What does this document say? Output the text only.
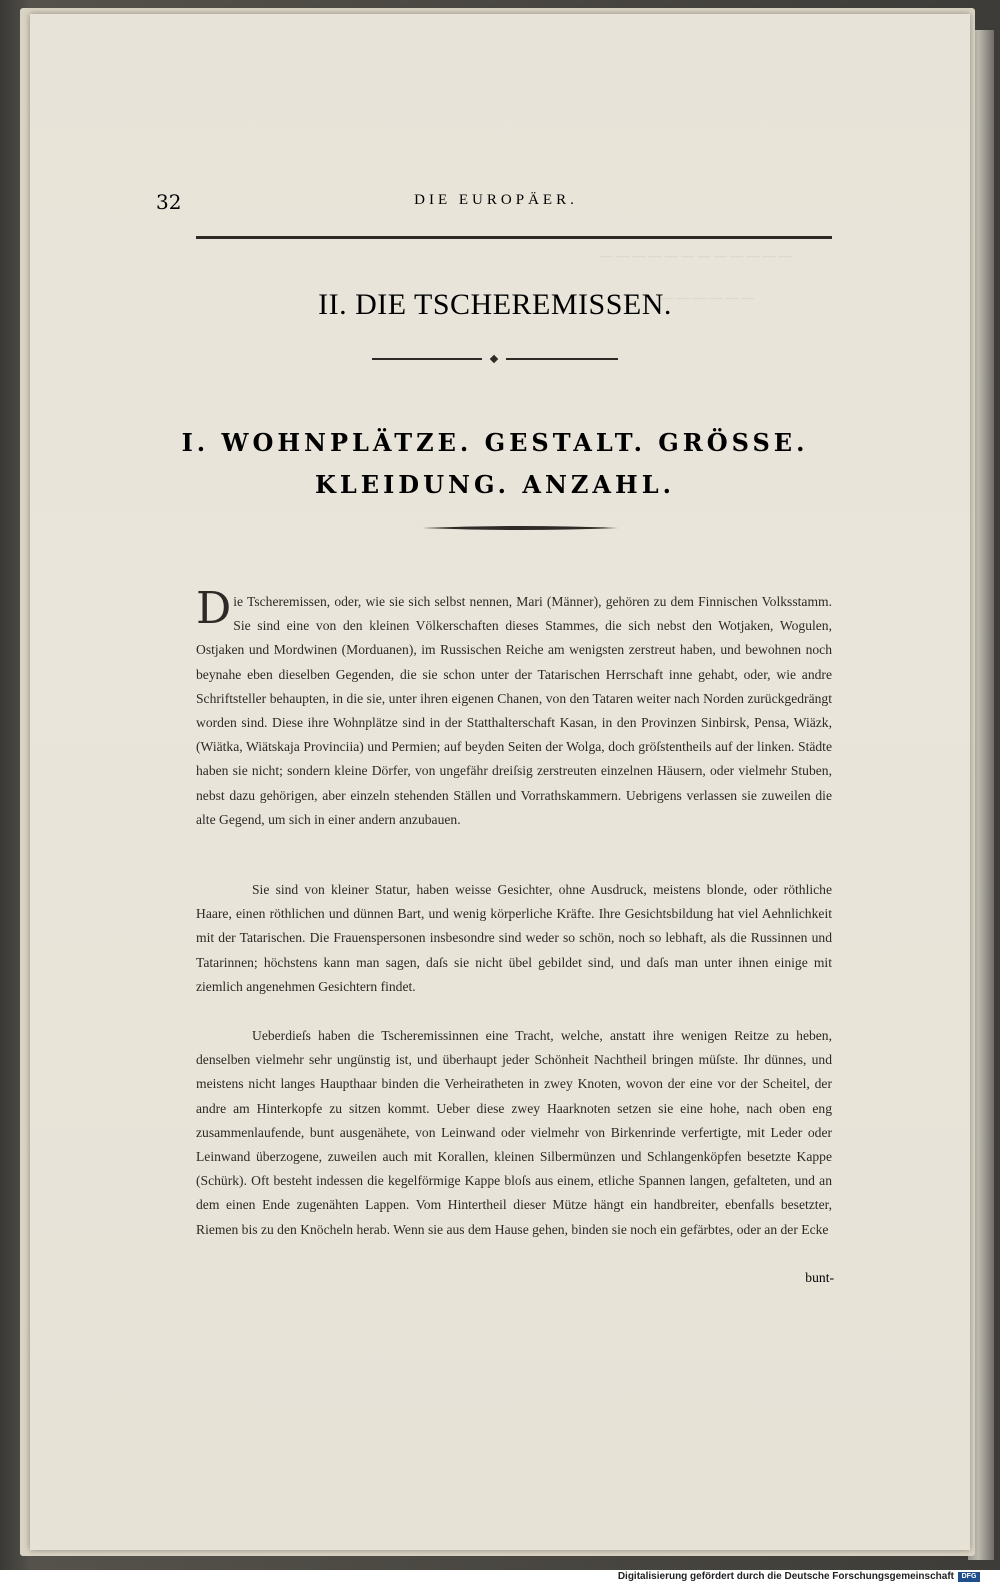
32	DIE EUROPÄER.
II. DIE TSCHEREMISSEN.
I. WOHNPLÄTZE. GESTALT. GRÖSSE.
KLEIDUNG. ANZAHL.
Die Tscheremissen, oder, wie sie sich selbst nennen, Mari (Männer), gehören zu dem Finnischen Volksstamm. Sie sind eine von den kleinen Völkerschaften dieses Stammes, die sich nebst den Wotjaken, Wogulen, Ostjaken und Mordwinen (Morduanen), im Russischen Reiche am wenigsten zerstreut haben, und bewohnen noch beynahe eben dieselben Gegenden, die sie schon unter der Tatarischen Herrschaft inne gehabt, oder, wie andre Schriftsteller behaupten, in die sie, unter ihren eigenen Chanen, von den Tataren weiter nach Norden zurückgedrängt worden sind. Diese ihre Wohnplätze sind in der Statthalterschaft Kasan, in den Provinzen Sinbirsk, Pensa, Wiäzk, (Wiätka, Wiätskaja Provinciia) und Permien; auf beyden Seiten der Wolga, doch gröſstentheils auf der linken. Städte haben sie nicht; sondern kleine Dörfer, von ungefähr dreiſsig zerstreuten einzelnen Häusern, oder vielmehr Stuben, nebst dazu gehörigen, aber einzeln stehenden Ställen und Vorrathskammern. Uebrigens verlassen sie zuweilen die alte Gegend, um sich in einer andern anzubauen.
Sie sind von kleiner Statur, haben weisse Gesichter, ohne Ausdruck, meistens blonde, oder röthliche Haare, einen röthlichen und dünnen Bart, und wenig körperliche Kräfte. Ihre Gesichtsbildung hat viel Aehnlichkeit mit der Tatarischen. Die Frauenspersonen insbesondre sind weder so schön, noch so lebhaft, als die Russinnen und Tatarinnen; höchstens kann man sagen, daſs sie nicht übel gebildet sind, und daſs man unter ihnen einige mit ziemlich angenehmen Gesichtern findet.
Ueberdieſs haben die Tscheremissinnen eine Tracht, welche, anstatt ihre wenigen Reitze zu heben, denselben vielmehr sehr ungünstig ist, und überhaupt jeder Schönheit Nachtheil bringen müſste. Ihr dünnes, und meistens nicht langes Haupthaar binden die Verheiratheten in zwey Knoten, wovon der eine vor der Scheitel, der andre am Hinterkopfe zu sitzen kommt. Ueber diese zwey Haarknoten setzen sie eine hohe, nach oben eng zusammenlaufende, bunt ausgenähete, von Leinwand oder vielmehr von Birkenrinde verfertigte, mit Leder oder Leinwand überzogene, zuweilen auch mit Korallen, kleinen Silbermünzen und Schlangenköpfen besetzte Kappe (Schürk). Oft besteht indessen die kegelförmige Kappe bloſs aus einem, etliche Spannen langen, gefalteten, und an dem einen Ende zugenähten Lappen. Vom Hintertheil dieser Mütze hängt ein handbreiter, ebenfalls besetzter, Riemen bis zu den Knöcheln herab. Wenn sie aus dem Hause gehen, binden sie noch ein gefärbtes, oder an der Ecke
bunt-
Digitalisierung gefördert durch die Deutsche Forschungsgemeinschaft	DFG
